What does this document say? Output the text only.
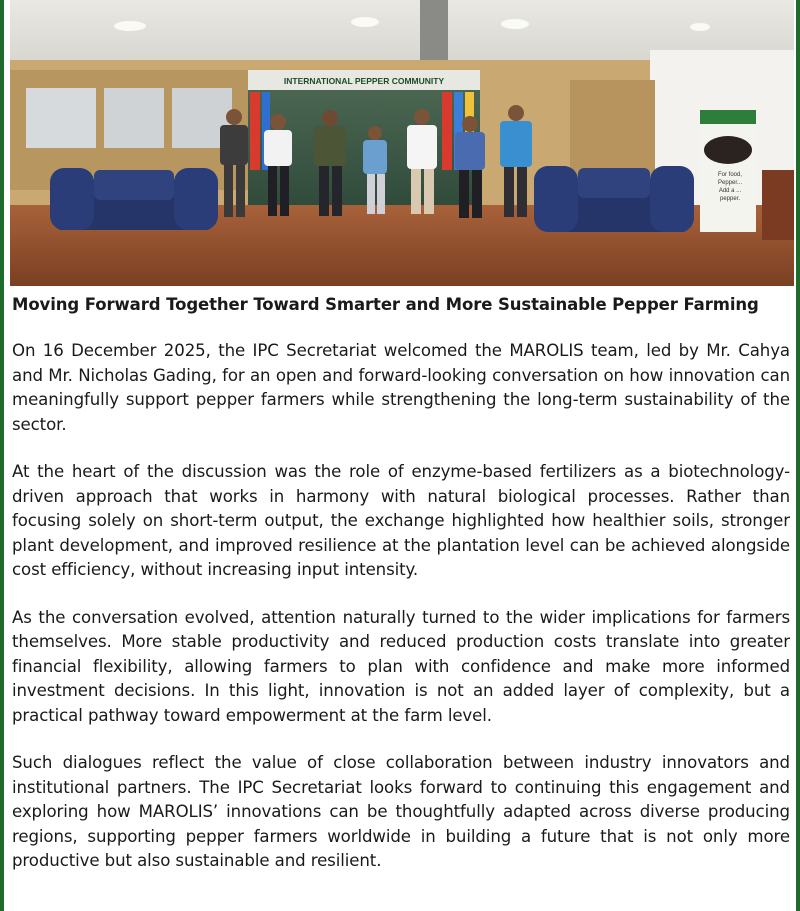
INTERNATIONAL PEPPER COMMUNITY
For food,
Pepper...
Add a ...
pepper.
Moving Forward Together Toward Smarter and More Sustainable Pepper Farming

On 16 December 2025, the IPC Secretariat welcomed the MAROLIS team, led by Mr. Cahya and Mr. Nicholas Gading, for an open and forward-looking conversation on how innovation can meaningfully support pepper farmers while strengthening the long-term sustainability of the sector.

At the heart of the discussion was the role of enzyme-based fertilizers as a biotechnology-driven approach that works in harmony with natural biological processes. Rather than focusing solely on short-term output, the exchange highlighted how healthier soils, stronger plant development, and improved resilience at the plantation level can be achieved alongside cost efficiency, without increasing input intensity.

As the conversation evolved, attention naturally turned to the wider implications for farmers themselves. More stable productivity and reduced production costs translate into greater financial flexibility, allowing farmers to plan with confidence and make more informed investment decisions. In this light, innovation is not an added layer of complexity, but a practical pathway toward empowerment at the farm level.

Such dialogues reflect the value of close collaboration between industry innovators and institutional partners. The IPC Secretariat looks forward to continuing this engagement and exploring how MAROLIS’ innovations can be thoughtfully adapted across diverse producing regions, supporting pepper farmers worldwide in building a future that is not only more productive but also sustainable and resilient.
